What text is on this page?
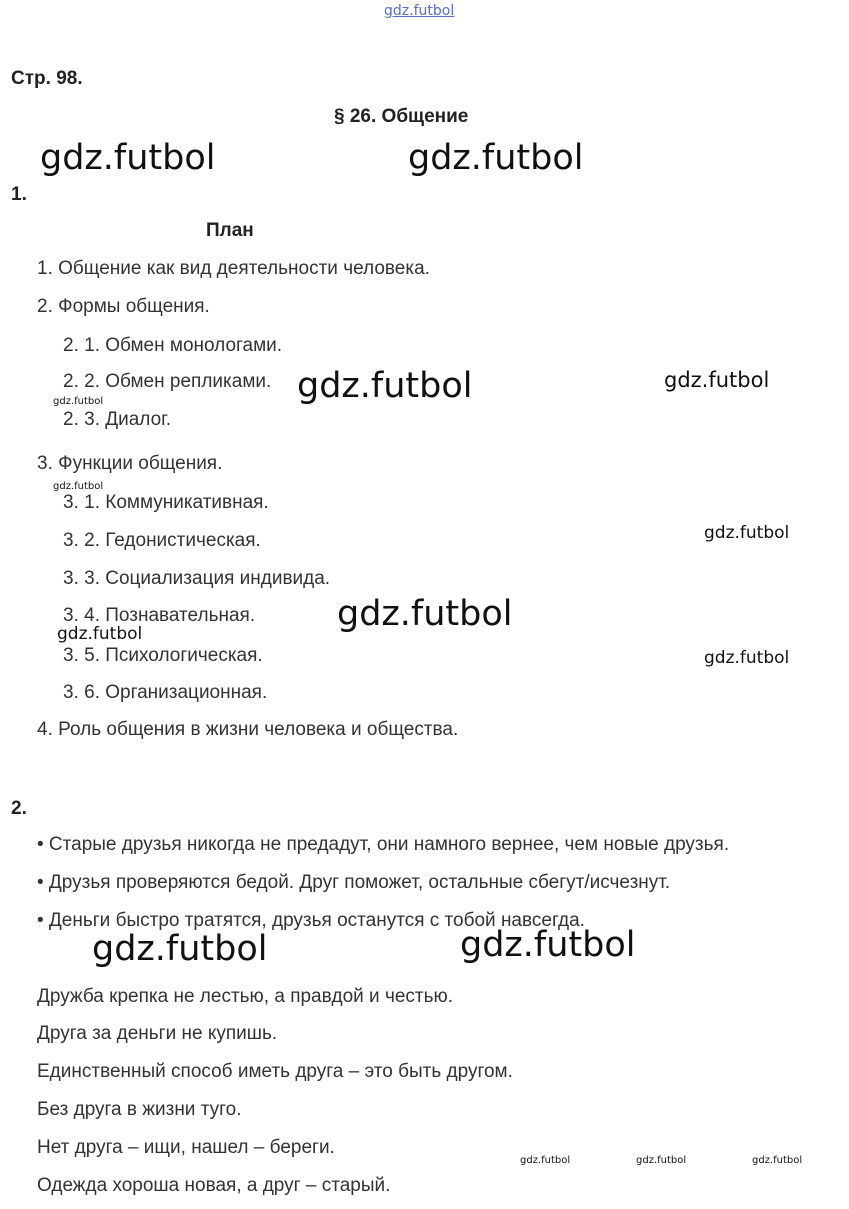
gdz.futbol
Стр. 98.
§ 26. Общение
1.
План
1. Общение как вид деятельности человека.
2. Формы общения.
2. 1. Обмен монологами.
2. 2. Обмен репликами.
2. 3. Диалог.
3. Функции общения.
3. 1. Коммуникативная.
3. 2. Гедонистическая.
3. 3. Социализация индивида.
3. 4. Познавательная.
3. 5. Психологическая.
3. 6. Организационная.
4. Роль общения в жизни человека и общества.
2.
• Старые друзья никогда не предадут, они намного вернее, чем новые друзья.
• Друзья проверяются бедой. Друг поможет, остальные сбегут/исчезнут.
• Деньги быстро тратятся, друзья останутся с тобой навсегда.
Дружба крепка не лестью, а правдой и честью.
Друга за деньги не купишь.
Единственный способ иметь друга – это быть другом.
Без друга в жизни туго.
Нет друга – ищи, нашел – береги.
Одежда хороша новая, а друг – старый.
gdz.futbol	gdz.futbol
gdz.futbol	gdz.futbol
gdz.futbol
gdz.futbol
gdz.futbol
gdz.futbol
gdz.futbol
gdz.futbol
gdz.futbol	gdz.futbol
gdz.futbol	gdz.futbol	gdz.futbol
